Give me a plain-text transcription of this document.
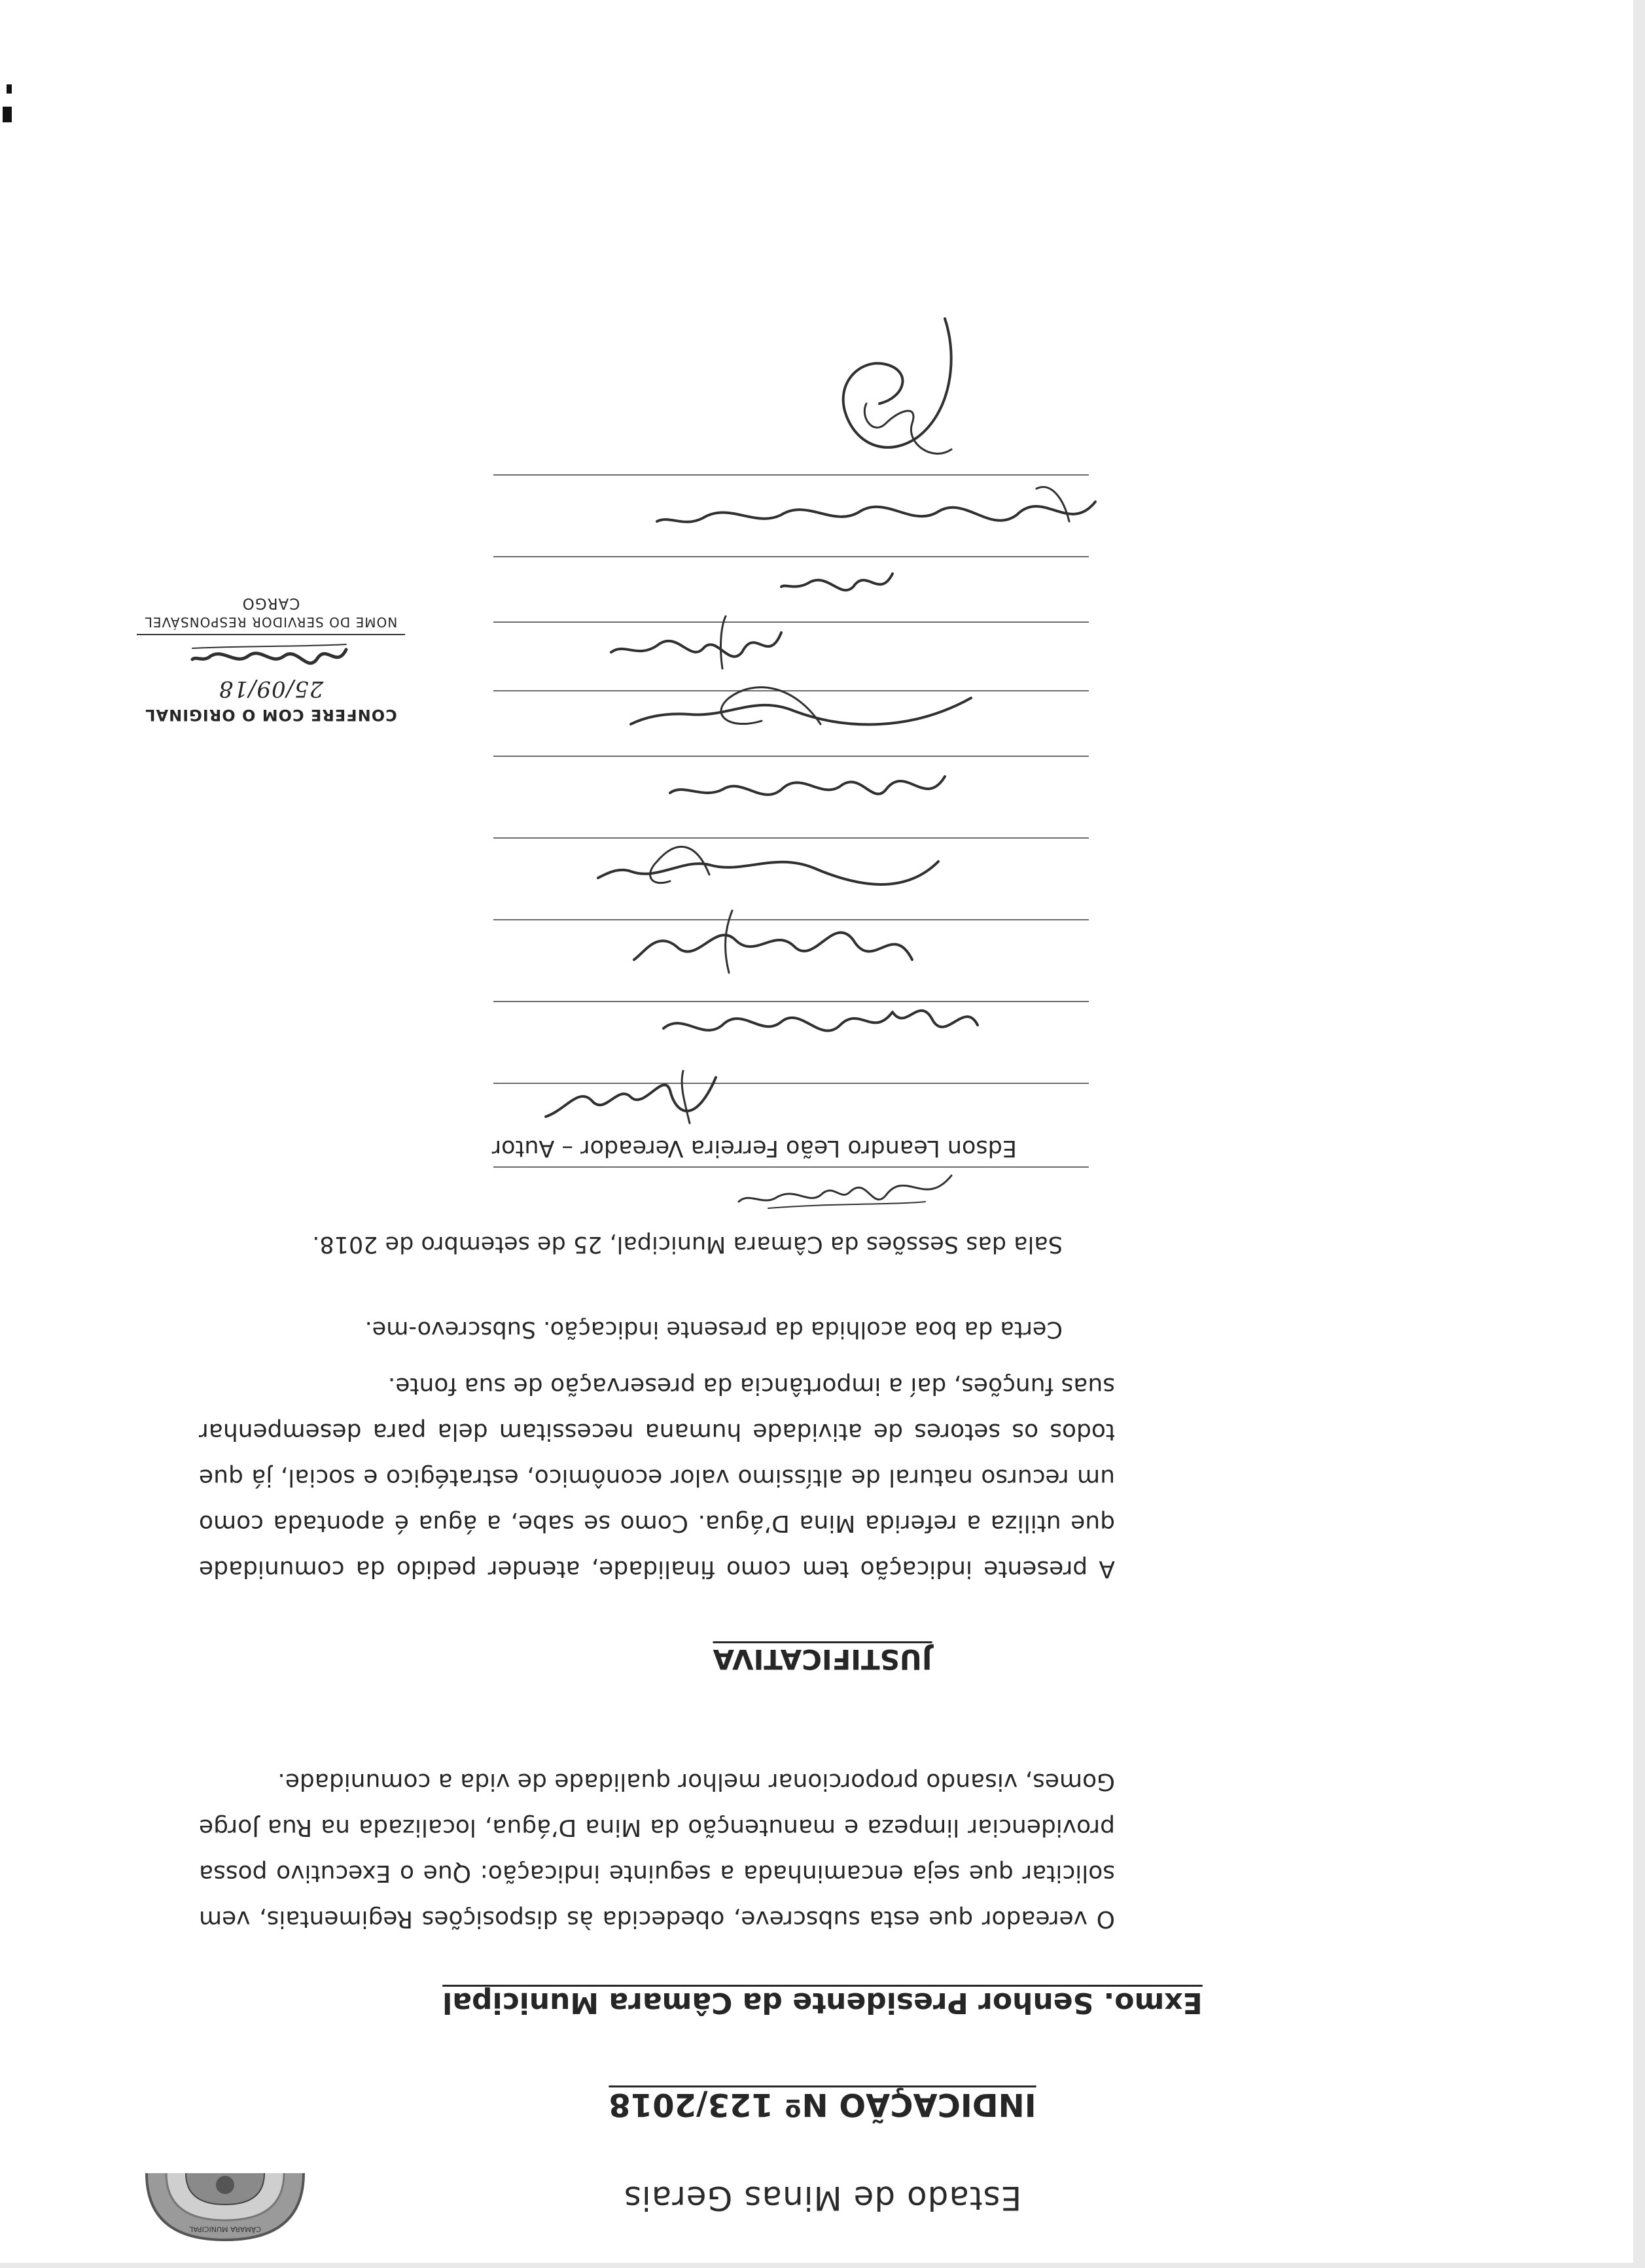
CÂMARA MUNICIPAL
Estado de Minas Gerais
INDICAÇÃO Nº 123/2018
Exmo. Senhor Presidente da Câmara Municipal

O vereador que esta subscreve, obedecida às disposições Regimentais, vem solicitar que seja encaminhada a seguinte indicação: Que o Executivo possa providenciar limpeza e manutenção da Mina D’água, localizada na Rua Jorge Gomes, visando proporcionar melhor qualidade de vida a comunidade.

JUSTIFICATIVA

A presente indicação tem como finalidade, atender pedido da comunidade que utiliza a referida Mina D’água. Como se sabe, a água é apontada como um recurso natural de altíssimo valor econômico, estratégico e social, já que todos os setores de atividade humana necessitam dela para desempenhar suas funções, daí a importância da preservação de sua fonte.

Certa da boa acolhida da presente indicação. Subscrevo-me.
Sala das Sessões da Câmara Municipal, 25 de setembro de 2018.
Edson Leandro Leão Ferreira Vereador – Autor
CONFERE COM O ORIGINAL
25/09/18
NOME DO SERVIDOR RESPONSÁVEL
CARGO
